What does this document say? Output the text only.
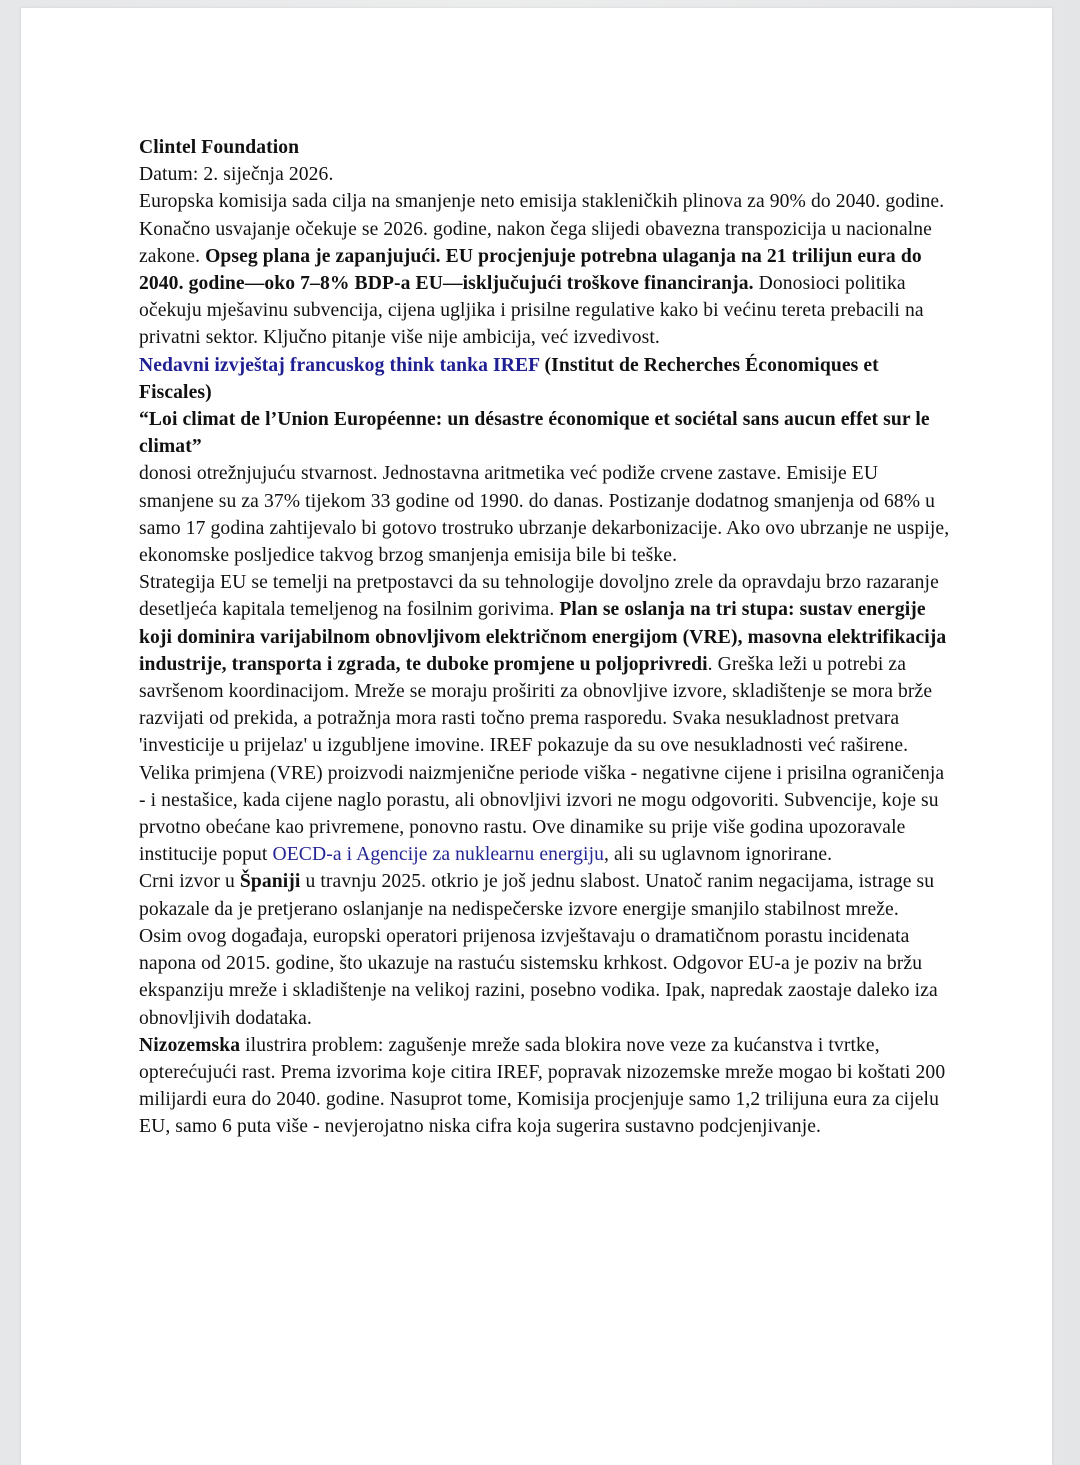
Clintel Foundation

Datum: 2. siječnja 2026.

Europska komisija sada cilja na smanjenje neto emisija stakleničkih plinova za 90% do 2040. godine. Konačno usvajanje očekuje se 2026. godine, nakon čega slijedi obavezna transpozicija u nacionalne zakone. Opseg plana je zapanjujući. EU procjenjuje potrebna ulaganja na 21 trilijun eura do 2040. godine—oko 7–8% BDP-a EU—isključujući troškove financiranja. Donosioci politika očekuju mješavinu subvencija, cijena ugljika i prisilne regulative kako bi većinu tereta prebacili na privatni sektor. Ključno pitanje više nije ambicija, već izvedivost.

Nedavni izvještaj francuskog think tanka IREF (Institut de Recherches Économiques et Fiscales)

“Loi climat de l’Union Européenne: un désastre économique et sociétal sans aucun effet sur le climat”

donosi otrežnjujuću stvarnost. Jednostavna aritmetika već podiže crvene zastave. Emisije EU smanjene su za 37% tijekom 33 godine od 1990. do danas. Postizanje dodatnog smanjenja od 68% u samo 17 godina zahtijevalo bi gotovo trostruko ubrzanje dekarbonizacije. Ako ovo ubrzanje ne uspije, ekonomske posljedice takvog brzog smanjenja emisija bile bi teške.

Strategija EU se temelji na pretpostavci da su tehnologije dovoljno zrele da opravdaju brzo razaranje desetljeća kapitala temeljenog na fosilnim gorivima. Plan se oslanja na tri stupa: sustav energije koji dominira varijabilnom obnovljivom električnom energijom (VRE), masovna elektrifikacija industrije, transporta i zgrada, te duboke promjene u poljoprivredi. Greška leži u potrebi za savršenom koordinacijom. Mreže se moraju proširiti za obnovljive izvore, skladištenje se mora brže razvijati od prekida, a potražnja mora rasti točno prema rasporedu. Svaka nesukladnost pretvara 'investicije u prijelaz' u izgubljene imovine. IREF pokazuje da su ove nesukladnosti već raširene.

Velika primjena (VRE) proizvodi naizmjenične periode viška - negativne cijene i prisilna ograničenja - i nestašice, kada cijene naglo porastu, ali obnovljivi izvori ne mogu odgovoriti. Subvencije, koje su prvotno obećane kao privremene, ponovno rastu. Ove dinamike su prije više godina upozoravale institucije poput OECD-a i Agencije za nuklearnu energiju, ali su uglavnom ignorirane.

Crni izvor u Španiji u travnju 2025. otkrio je još jednu slabost. Unatoč ranim negacijama, istrage su pokazale da je pretjerano oslanjanje na nedispečerske izvore energije smanjilo stabilnost mreže.

Osim ovog događaja, europski operatori prijenosa izvještavaju o dramatičnom porastu incidenata napona od 2015. godine, što ukazuje na rastuću sistemsku krhkost. Odgovor EU-a je poziv na bržu ekspanziju mreže i skladištenje na velikoj razini, posebno vodika. Ipak, napredak zaostaje daleko iza obnovljivih dodataka.

Nizozemska ilustrira problem: zagušenje mreže sada blokira nove veze za kućanstva i tvrtke, opterećujući rast. Prema izvorima koje citira IREF, popravak nizozemske mreže mogao bi koštati 200 milijardi eura do 2040. godine. Nasuprot tome, Komisija procjenjuje samo 1,2 trilijuna eura za cijelu EU, samo 6 puta više - nevjerojatno niska cifra koja sugerira sustavno podcjenjivanje.
